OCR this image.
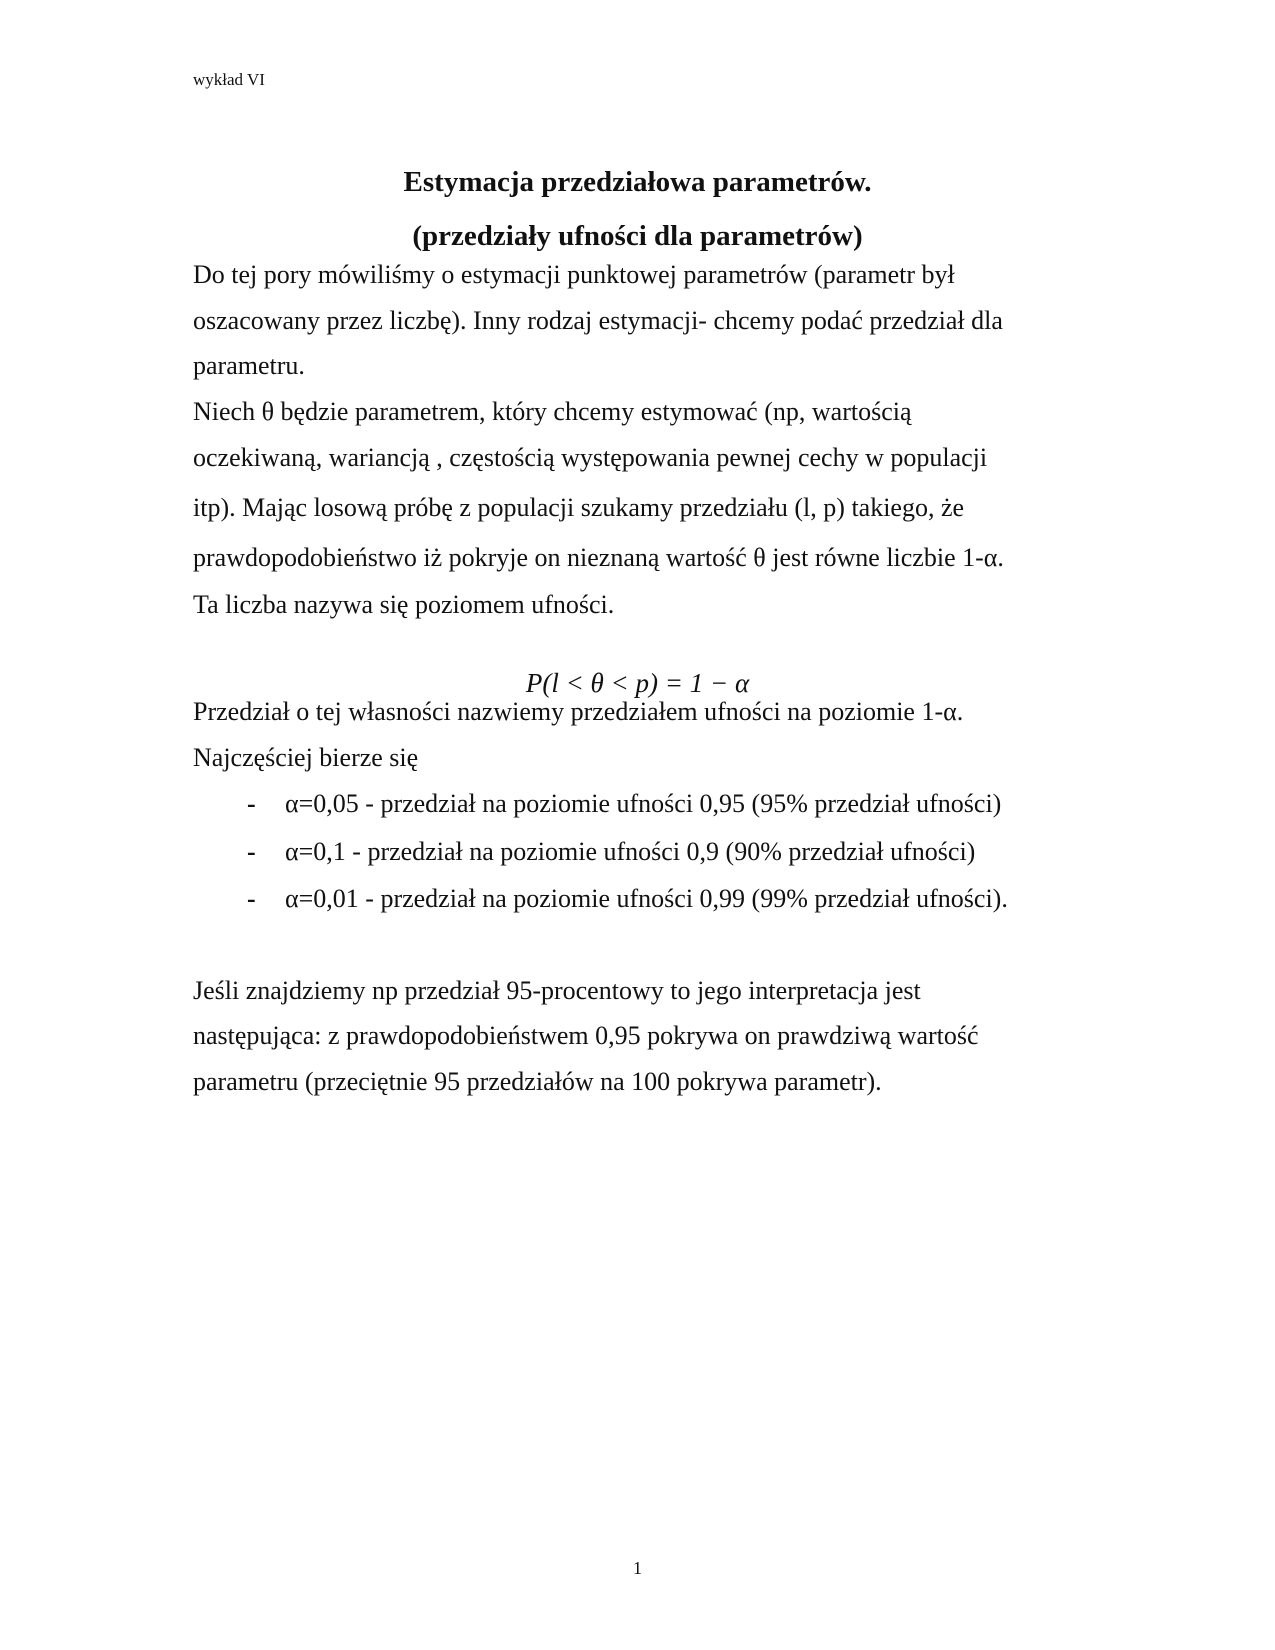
wykład VI
Estymacja przedziałowa parametrów.
(przedziały ufności dla parametrów)
Do tej pory mówiliśmy o estymacji punktowej parametrów (parametr był
oszacowany przez liczbę). Inny rodzaj estymacji- chcemy podać przedział dla
parametru.
Niech θ będzie parametrem, który chcemy estymować (np, wartością
oczekiwaną, wariancją , częstością występowania pewnej cechy w populacji
itp). Mając losową próbę z populacji szukamy przedziału (l, p) takiego, że
prawdopodobieństwo iż pokryje on nieznaną wartość θ jest równe liczbie 1-α.
Ta liczba nazywa się poziomem ufności.
P(l < θ < p) = 1 − α
Przedział o tej własności nazwiemy przedziałem ufności na poziomie 1-α.
Najczęściej bierze się
- α=0,05 - przedział na poziomie ufności 0,95 (95% przedział ufności)
- α=0,1 - przedział na poziomie ufności 0,9 (90% przedział ufności)
- α=0,01 - przedział na poziomie ufności 0,99 (99% przedział ufności).
Jeśli znajdziemy np przedział 95-procentowy to jego interpretacja jest
następująca: z prawdopodobieństwem 0,95 pokrywa on prawdziwą wartość
parametru (przeciętnie 95 przedziałów na 100 pokrywa parametr).
1
